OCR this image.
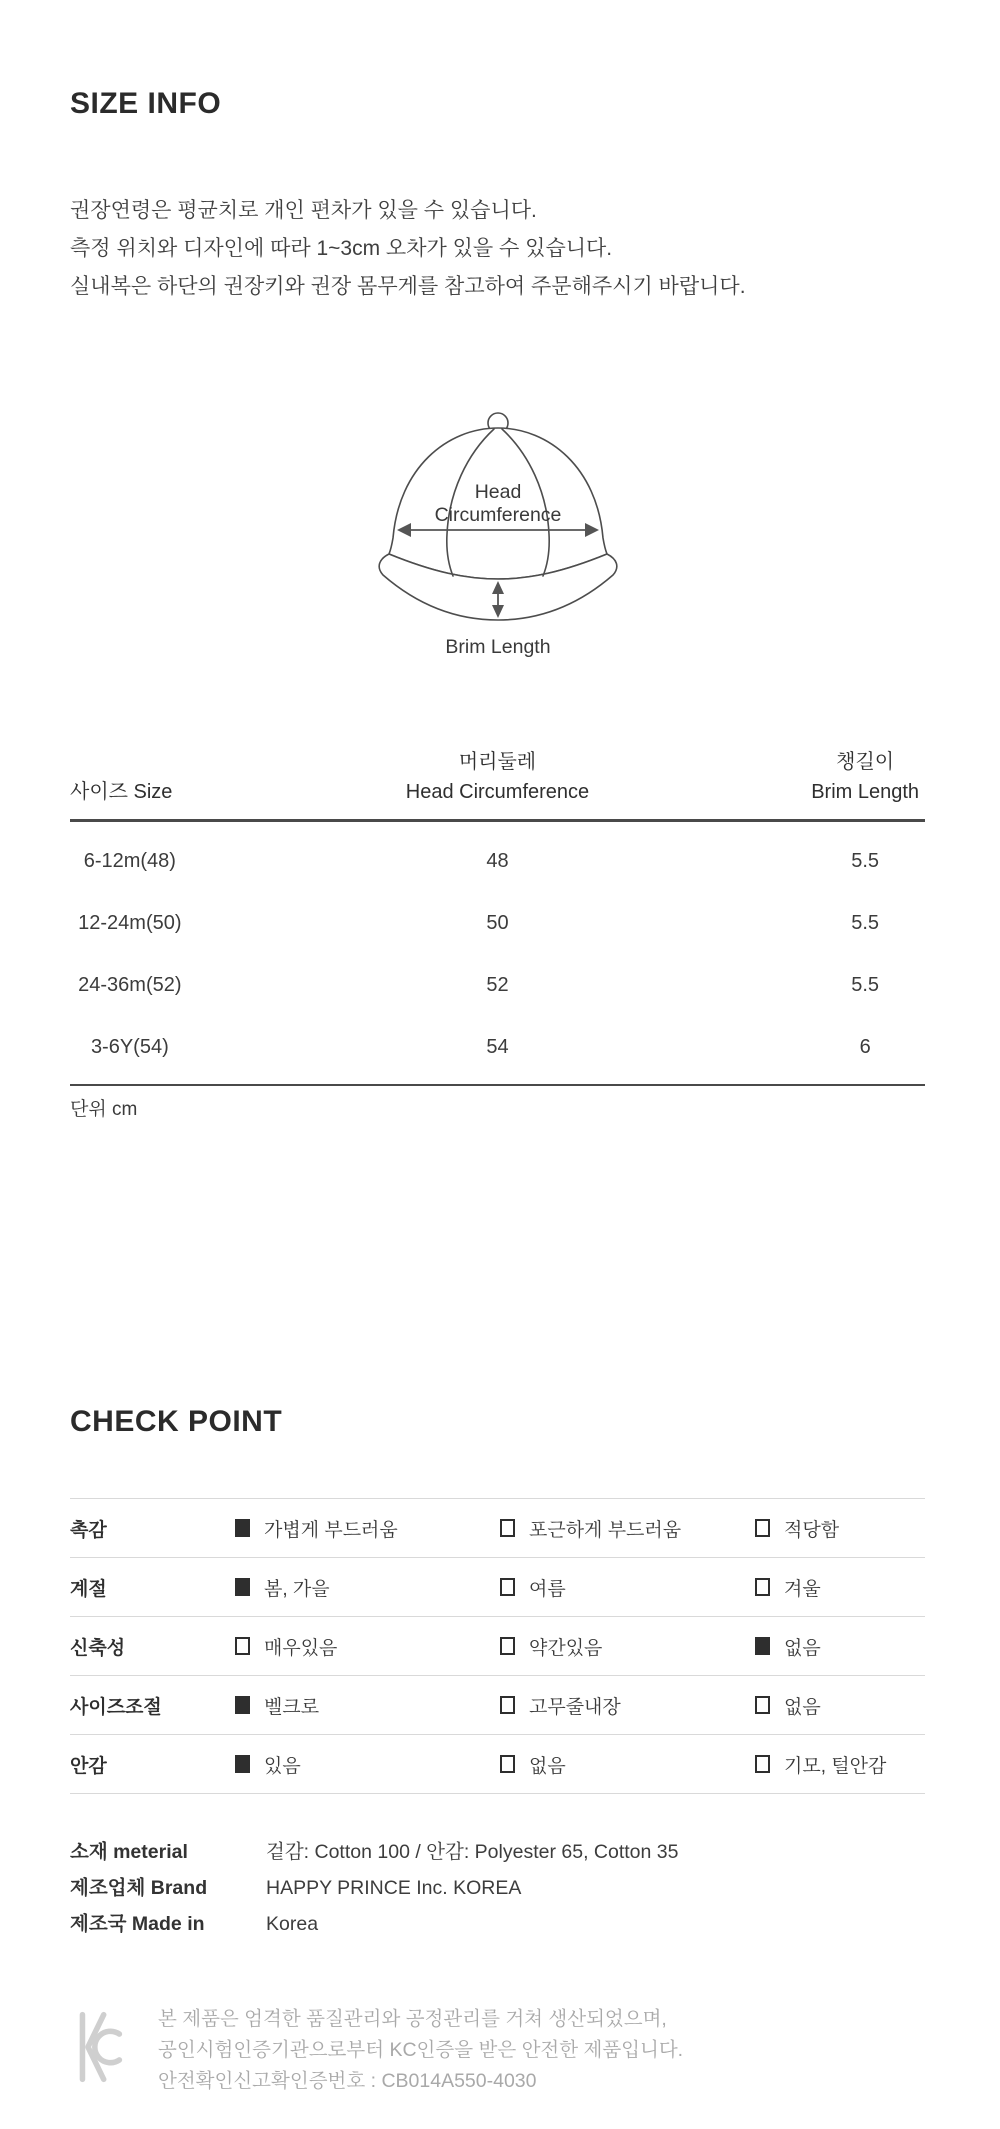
SIZE INFO
권장연령은 평균치로 개인 편차가 있을 수 있습니다.
측정 위치와 디자인에 따라 1~3cm 오차가 있을 수 있습니다.
실내복은 하단의 권장키와 권장 몸무게를 참고하여 주문해주시기 바랍니다.
Head
Circumference
Brim Length
사이즈 Size
머리둘레
Head Circumference
챙길이
Brim Length
6-12m(48)	48	5.5
12-24m(50)	50	5.5
24-36m(52)	52	5.5
3-6Y(54)	54	6
단위 cm
CHECK POINT
촉감	가볍게 부드러움	포근하게 부드러움	적당함
계절	봄, 가을	여름	겨울
신축성	매우있음	약간있음	없음
사이즈조절	벨크로	고무줄내장	없음
안감	있음	없음	기모, 털안감
소재 meterial	겉감: Cotton 100 / 안감: Polyester 65, Cotton 35
제조업체 Brand	HAPPY PRINCE Inc. KOREA
제조국 Made in	Korea
본 제품은 엄격한 품질관리와 공정관리를 거쳐 생산되었으며,
공인시험인증기관으로부터 KC인증을 받은 안전한 제품입니다.
안전확인신고확인증번호 : CB014A550-4030
